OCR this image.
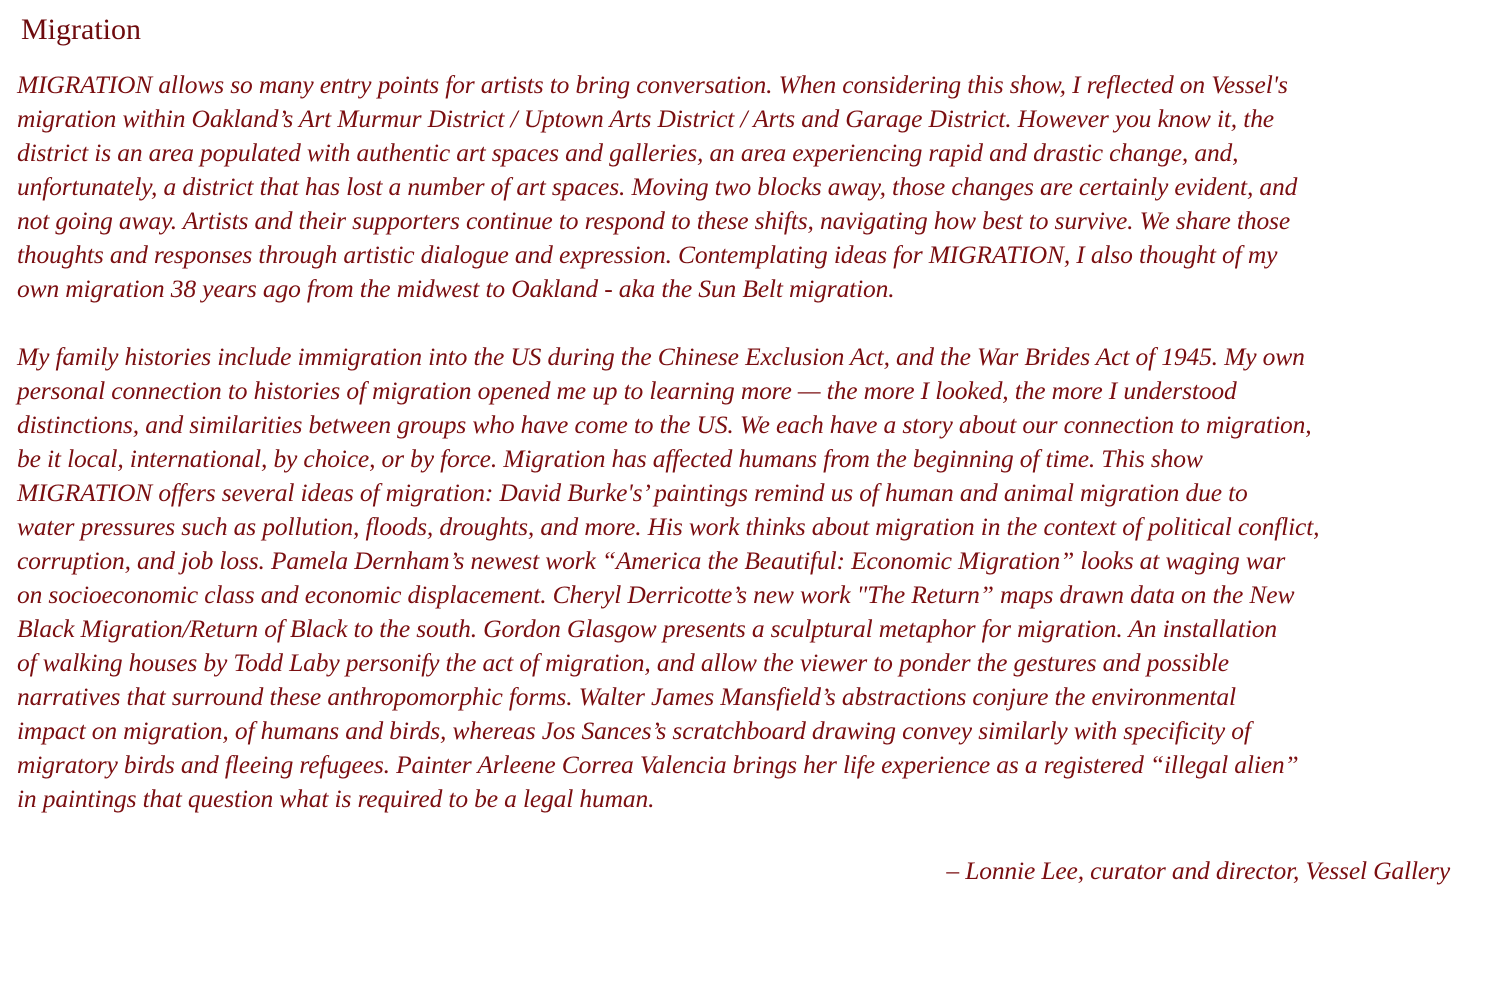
Migration

MIGRATION allows so many entry points for artists to bring conversation. When considering this show, I reflected on Vessel's
migration within Oakland’s Art Murmur District / Uptown Arts District / Arts and Garage District. However you know it, the
district is an area populated with authentic art spaces and galleries, an area experiencing rapid and drastic change, and,
unfortunately, a district that has lost a number of art spaces. Moving two blocks away, those changes are certainly evident, and
not going away. Artists and their supporters continue to respond to these shifts, navigating how best to survive. We share those
thoughts and responses through artistic dialogue and expression. Contemplating ideas for MIGRATION, I also thought of my
own migration 38 years ago from the midwest to Oakland - aka the Sun Belt migration.

My family histories include immigration into the US during the Chinese Exclusion Act, and the War Brides Act of 1945. My own
personal connection to histories of migration opened me up to learning more — the more I looked, the more I understood
distinctions, and similarities between groups who have come to the US. We each have a story about our connection to migration,
be it local, international, by choice, or by force. Migration has affected humans from the beginning of time. This show
MIGRATION offers several ideas of migration: David Burke's’ paintings remind us of human and animal migration due to
water pressures such as pollution, floods, droughts, and more. His work thinks about migration in the context of political conflict,
corruption, and job loss. Pamela Dernham’s newest work “America the Beautiful: Economic Migration” looks at waging war
on socioeconomic class and economic displacement. Cheryl Derricotte’s new work "The Return” maps drawn data on the New
Black Migration/Return of Black to the south. Gordon Glasgow presents a sculptural metaphor for migration. An installation
of walking houses by Todd Laby personify the act of migration, and allow the viewer to ponder the gestures and possible
narratives that surround these anthropomorphic forms. Walter James Mansfield’s abstractions conjure the environmental
impact on migration, of humans and birds, whereas Jos Sances’s scratchboard drawing convey similarly with specificity of
migratory birds and fleeing refugees. Painter Arleene Correa Valencia brings her life experience as a registered “illegal alien”
in paintings that question what is required to be a legal human.

– Lonnie Lee, curator and director, Vessel Gallery
